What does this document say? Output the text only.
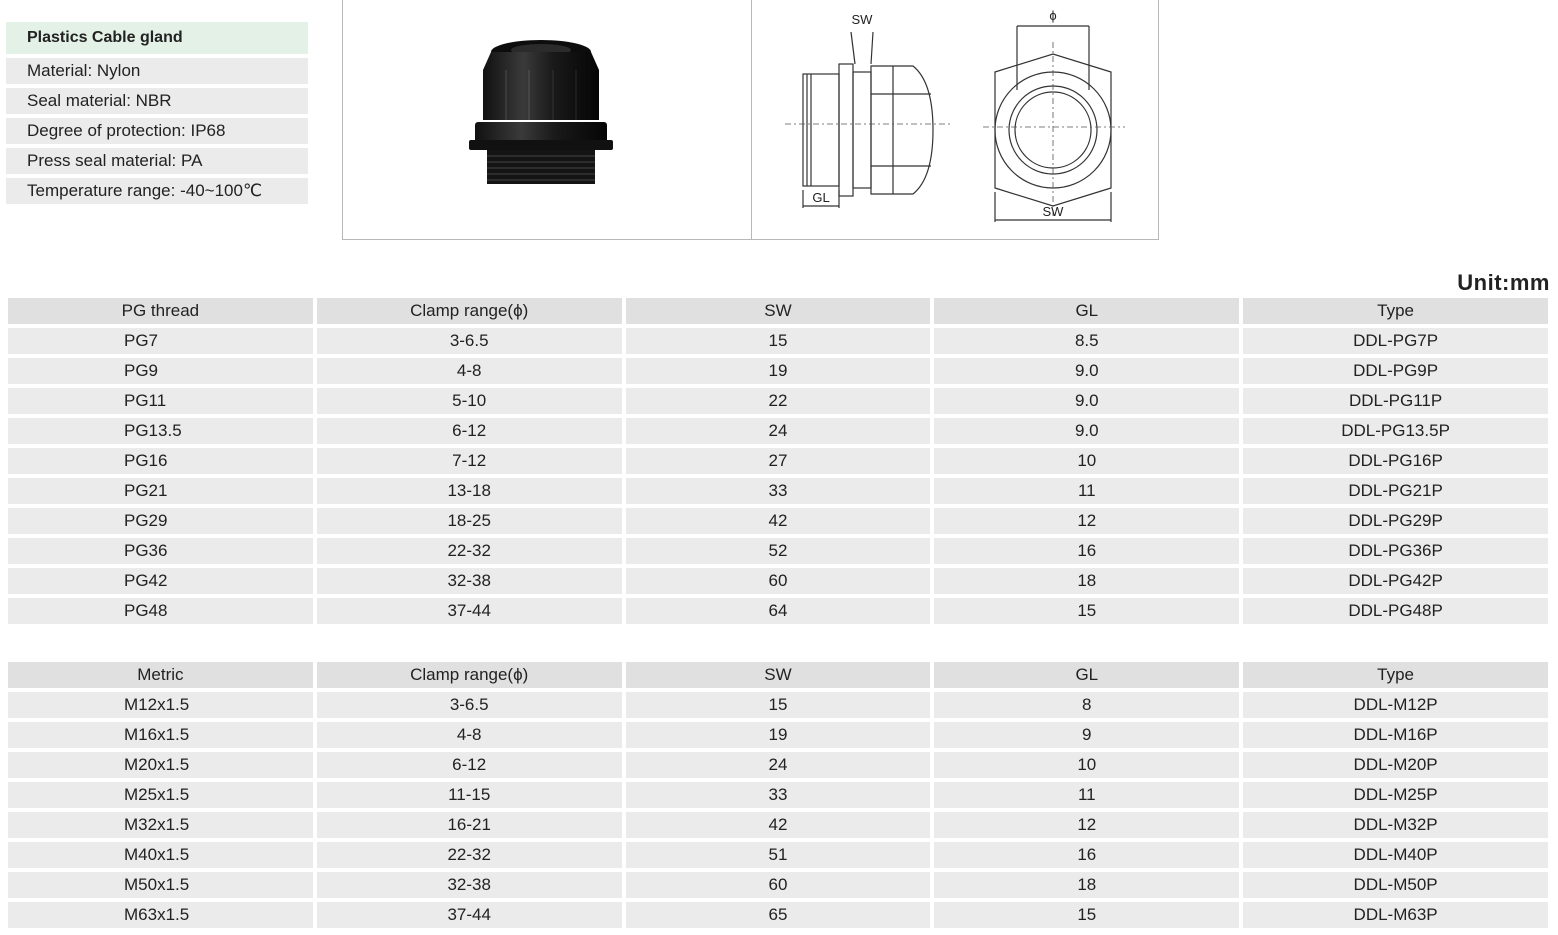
Plastics Cable gland
Material: Nylon
Seal material: NBR
Degree of protection: IP68
Press seal material: PA
Temperature range: -40~100℃
SW
GL
ϕ
SW
Unit:mm
PG thread	Clamp range(ϕ)	SW	GL	Type
PG7	3-6.5	15	8.5	DDL-PG7P
PG9	4-8	19	9.0	DDL-PG9P
PG11	5-10	22	9.0	DDL-PG11P
PG13.5	6-12	24	9.0	DDL-PG13.5P
PG16	7-12	27	10	DDL-PG16P
PG21	13-18	33	11	DDL-PG21P
PG29	18-25	42	12	DDL-PG29P
PG36	22-32	52	16	DDL-PG36P
PG42	32-38	60	18	DDL-PG42P
PG48	37-44	64	15	DDL-PG48P
Metric	Clamp range(ϕ)	SW	GL	Type
M12x1.5	3-6.5	15	8	DDL-M12P
M16x1.5	4-8	19	9	DDL-M16P
M20x1.5	6-12	24	10	DDL-M20P
M25x1.5	11-15	33	11	DDL-M25P
M32x1.5	16-21	42	12	DDL-M32P
M40x1.5	22-32	51	16	DDL-M40P
M50x1.5	32-38	60	18	DDL-M50P
M63x1.5	37-44	65	15	DDL-M63P
